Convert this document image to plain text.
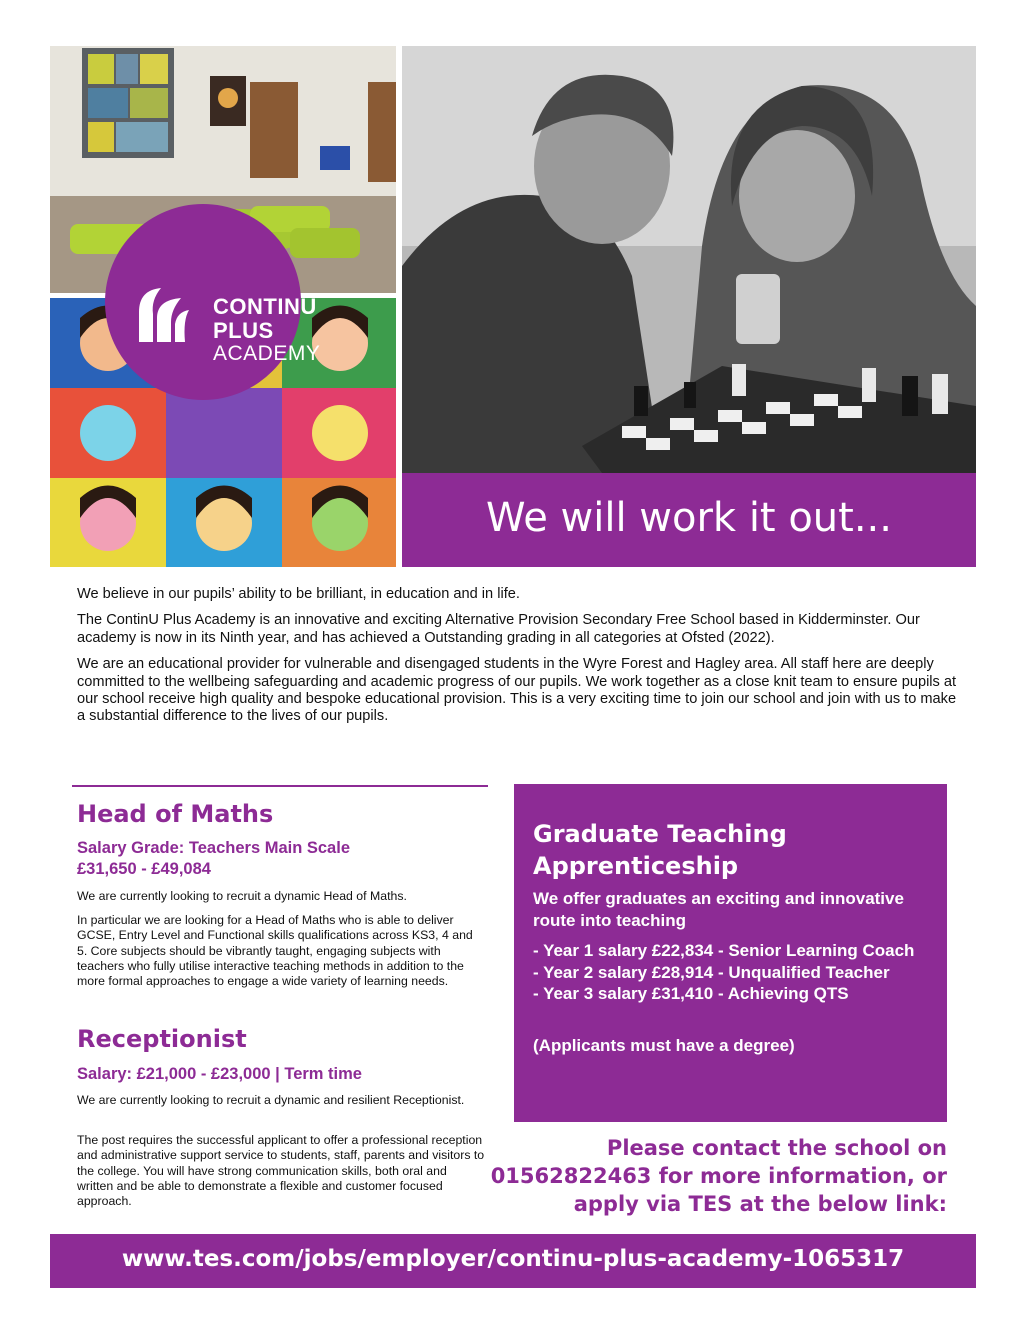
We will work it out...
CONTINU
PLUS
ACADEMY

We believe in our pupils’ ability to be brilliant, in education and in life.

The ContinU Plus Academy is an innovative and exciting Alternative Provision Secondary Free School based in Kidderminster. Our academy is now in its Ninth year, and has achieved a Outstanding grading in all categories at Ofsted (2022).

We are an educational provider for vulnerable and disengaged students in the Wyre Forest and Hagley area. All staff here are deeply committed to the wellbeing safeguarding and academic progress of our pupils. We work together as a close knit team to ensure pupils at our school receive high quality and bespoke educational provision. This is a very exciting time to join our school and join with us to make a substantial difference to the lives of our pupils.

Head of Maths
Salary Grade: Teachers Main Scale
£31,650 - £49,084
We are currently looking to recruit a dynamic Head of Maths.
In particular we are looking for a Head of Maths who is able to deliver GCSE, Entry Level and Functional skills qualifications across KS3, 4 and 5. Core subjects should be vibrantly taught, engaging subjects with teachers who fully utilise interactive teaching methods in addition to the more formal approaches to engage a wide variety of learning needs.
Receptionist
Salary: £21,000 - £23,000 | Term time
We are currently looking to recruit a dynamic and resilient Receptionist.
The post requires the successful applicant to offer a professional reception and administrative support service to students, staff, parents and visitors to the college. You will have strong communication skills, both oral and written and be able to demonstrate a flexible and customer focused approach.
Graduate Teaching Apprenticeship
We offer graduates an exciting and innovative route into teaching
- Year 1 salary £22,834 - Senior Learning Coach
- Year 2 salary £28,914 - Unqualified Teacher
- Year 3 salary £31,410 - Achieving QTS
(Applicants must have a degree)
Please contact the school on 01562822463 for more information, or apply via TES at the below link:
www.tes.com/jobs/employer/continu-plus-academy-1065317
